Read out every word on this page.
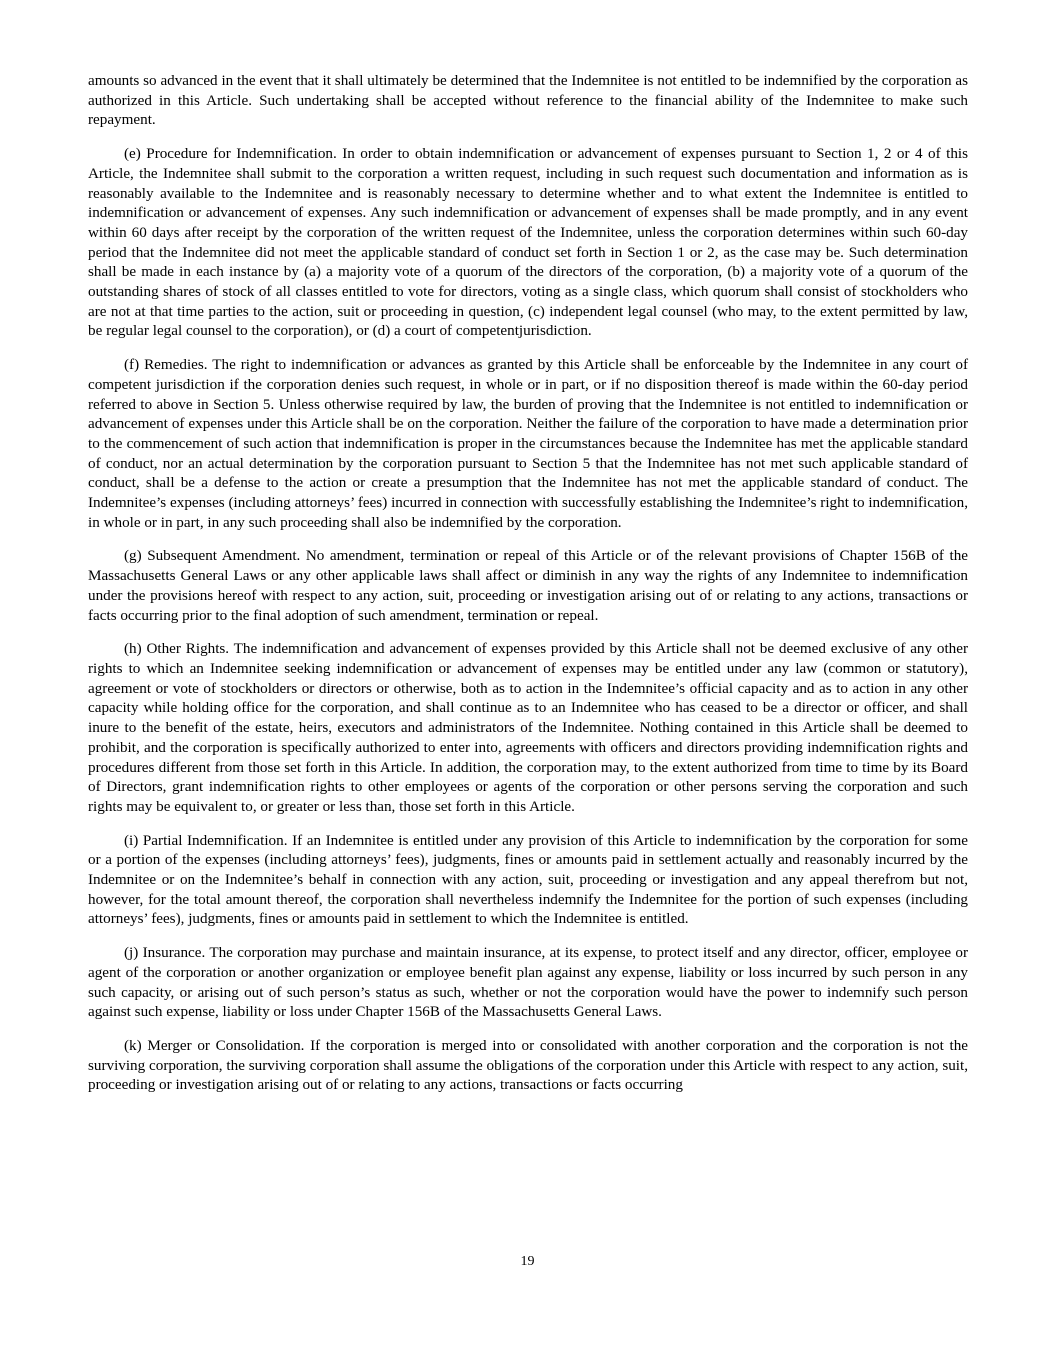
amounts so advanced in the event that it shall ultimately be determined that the Indemnitee is not entitled to be indemnified by the corporation as authorized in this Article. Such undertaking shall be accepted without reference to the financial ability of the Indemnitee to make such repayment.

(e) Procedure for Indemnification. In order to obtain indemnification or advancement of expenses pursuant to Section 1, 2 or 4 of this Article, the Indemnitee shall submit to the corporation a written request, including in such request such documentation and information as is reasonably available to the Indemnitee and is reasonably necessary to determine whether and to what extent the Indemnitee is entitled to indemnification or advancement of expenses. Any such indemnification or advancement of expenses shall be made promptly, and in any event within 60 days after receipt by the corporation of the written request of the Indemnitee, unless the corporation determines within such 60-day period that the Indemnitee did not meet the applicable standard of conduct set forth in Section 1 or 2, as the case may be. Such determination shall be made in each instance by (a) a majority vote of a quorum of the directors of the corporation, (b) a majority vote of a quorum of the outstanding shares of stock of all classes entitled to vote for directors, voting as a single class, which quorum shall consist of stockholders who are not at that time parties to the action, suit or proceeding in question, (c) independent legal counsel (who may, to the extent permitted by law, be regular legal counsel to the corporation), or (d) a court of competentjurisdiction.

(f) Remedies. The right to indemnification or advances as granted by this Article shall be enforceable by the Indemnitee in any court of competent jurisdiction if the corporation denies such request, in whole or in part, or if no disposition thereof is made within the 60-day period referred to above in Section 5. Unless otherwise required by law, the burden of proving that the Indemnitee is not entitled to indemnification or advancement of expenses under this Article shall be on the corporation. Neither the failure of the corporation to have made a determination prior to the commencement of such action that indemnification is proper in the circumstances because the Indemnitee has met the applicable standard of conduct, nor an actual determination by the corporation pursuant to Section 5 that the Indemnitee has not met such applicable standard of conduct, shall be a defense to the action or create a presumption that the Indemnitee has not met the applicable standard of conduct. The Indemnitee’s expenses (including attorneys’ fees) incurred in connection with successfully establishing the Indemnitee’s right to indemnification, in whole or in part, in any such proceeding shall also be indemnified by the corporation.

(g) Subsequent Amendment. No amendment, termination or repeal of this Article or of the relevant provisions of Chapter 156B of the Massachusetts General Laws or any other applicable laws shall affect or diminish in any way the rights of any Indemnitee to indemnification under the provisions hereof with respect to any action, suit, proceeding or investigation arising out of or relating to any actions, transactions or facts occurring prior to the final adoption of such amendment, termination or repeal.

(h) Other Rights. The indemnification and advancement of expenses provided by this Article shall not be deemed exclusive of any other rights to which an Indemnitee seeking indemnification or advancement of expenses may be entitled under any law (common or statutory), agreement or vote of stockholders or directors or otherwise, both as to action in the Indemnitee’s official capacity and as to action in any other capacity while holding office for the corporation, and shall continue as to an Indemnitee who has ceased to be a director or officer, and shall inure to the benefit of the estate, heirs, executors and administrators of the Indemnitee. Nothing contained in this Article shall be deemed to prohibit, and the corporation is specifically authorized to enter into, agreements with officers and directors providing indemnification rights and procedures different from those set forth in this Article. In addition, the corporation may, to the extent authorized from time to time by its Board of Directors, grant indemnification rights to other employees or agents of the corporation or other persons serving the corporation and such rights may be equivalent to, or greater or less than, those set forth in this Article.

(i) Partial Indemnification. If an Indemnitee is entitled under any provision of this Article to indemnification by the corporation for some or a portion of the expenses (including attorneys’ fees), judgments, fines or amounts paid in settlement actually and reasonably incurred by the Indemnitee or on the Indemnitee’s behalf in connection with any action, suit, proceeding or investigation and any appeal therefrom but not, however, for the total amount thereof, the corporation shall nevertheless indemnify the Indemnitee for the portion of such expenses (including attorneys’ fees), judgments, fines or amounts paid in settlement to which the Indemnitee is entitled.

(j) Insurance. The corporation may purchase and maintain insurance, at its expense, to protect itself and any director, officer, employee or agent of the corporation or another organization or employee benefit plan against any expense, liability or loss incurred by such person in any such capacity, or arising out of such person’s status as such, whether or not the corporation would have the power to indemnify such person against such expense, liability or loss under Chapter 156B of the Massachusetts General Laws.

(k) Merger or Consolidation. If the corporation is merged into or consolidated with another corporation and the corporation is not the surviving corporation, the surviving corporation shall assume the obligations of the corporation under this Article with respect to any action, suit, proceeding or investigation arising out of or relating to any actions, transactions or facts occurring

19
